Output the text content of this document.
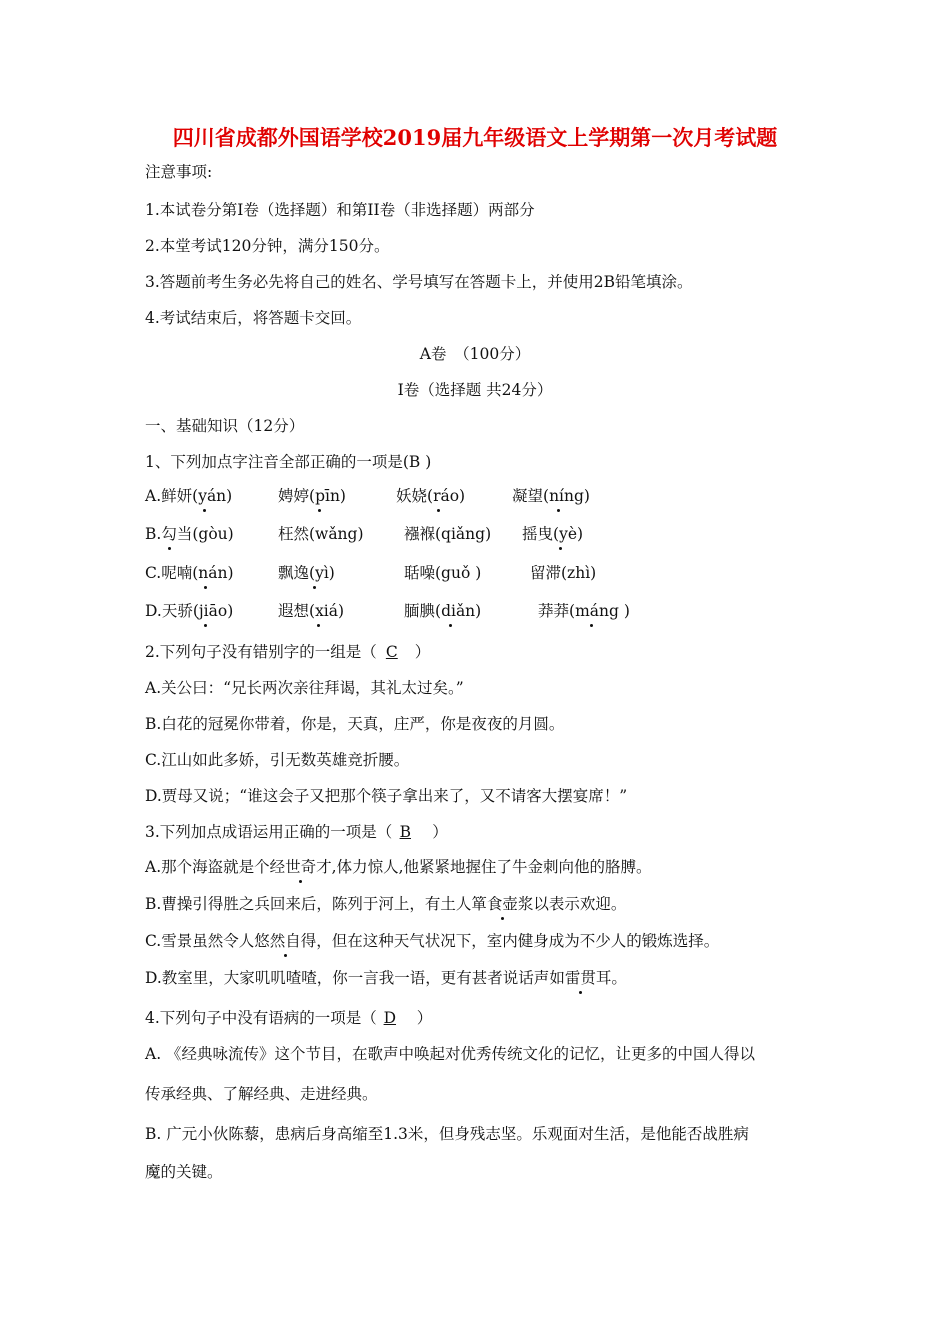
四川省成都外国语学校2019届九年级语文上学期第一次月考试题
注意事项:
1.本试卷分第I卷（选择题）和第II卷（非选择题）两部分
2.本堂考试120分钟，满分150分。
3.答题前考生务必先将自己的姓名、学号填写在答题卡上，并使用2B铅笔填涂。
4.考试结束后，将答题卡交回。
A卷　（100分）
I卷（选择题 共24分）
一、基础知识（12分）
1、下列加点字注音全部正确的一项是(B )
A.鲜妍(yán)	娉婷(pīn)	妖娆(ráo)	凝望(níng)
B.勾当(gòu)	枉然(wǎng)	襁褓(qiǎng) 摇曳(yè)
C.呢喃(nán)	飘逸(yì)	聒噪(guǒ )	留滞(zhì)
D.天骄(jiāo)	遐想(xiá)	腼腆(diǎn)	莽莽(máng )
2.下列句子没有错别字的一组是（ C ）
A.关公曰：“兄长两次亲往拜谒，其礼太过矣。”
B.白花的冠冕你带着，你是，天真，庄严，你是夜夜的月圆。
C.江山如此多娇，引无数英雄竞折腰。
D.贾母又说；“谁这会子又把那个筷子拿出来了，又不请客大摆宴席！”
3.下列加点成语运用正确的一项是（ B ）
A.那个海盗就是个经世奇才,体力惊人,他紧紧地握住了牛金刺向他的胳膊。
B.曹操引得胜之兵回来后，陈列于河上，有土人箪食壶浆以表示欢迎。
C.雪景虽然令人悠然自得，但在这种天气状况下，室内健身成为不少人的锻炼选择。
D.教室里，大家叽叽喳喳，你一言我一语，更有甚者说话声如雷贯耳。
4.下列句子中没有语病的一项是（ D ）
A. 《经典咏流传》这个节目，在歌声中唤起对优秀传统文化的记忆，让更多的中国人得以
传承经典、了解经典、走进经典。
B. 广元小伙陈藜，患病后身高缩至1.3米，但身残志坚。乐观面对生活，是他能否战胜病
魔的关键。
